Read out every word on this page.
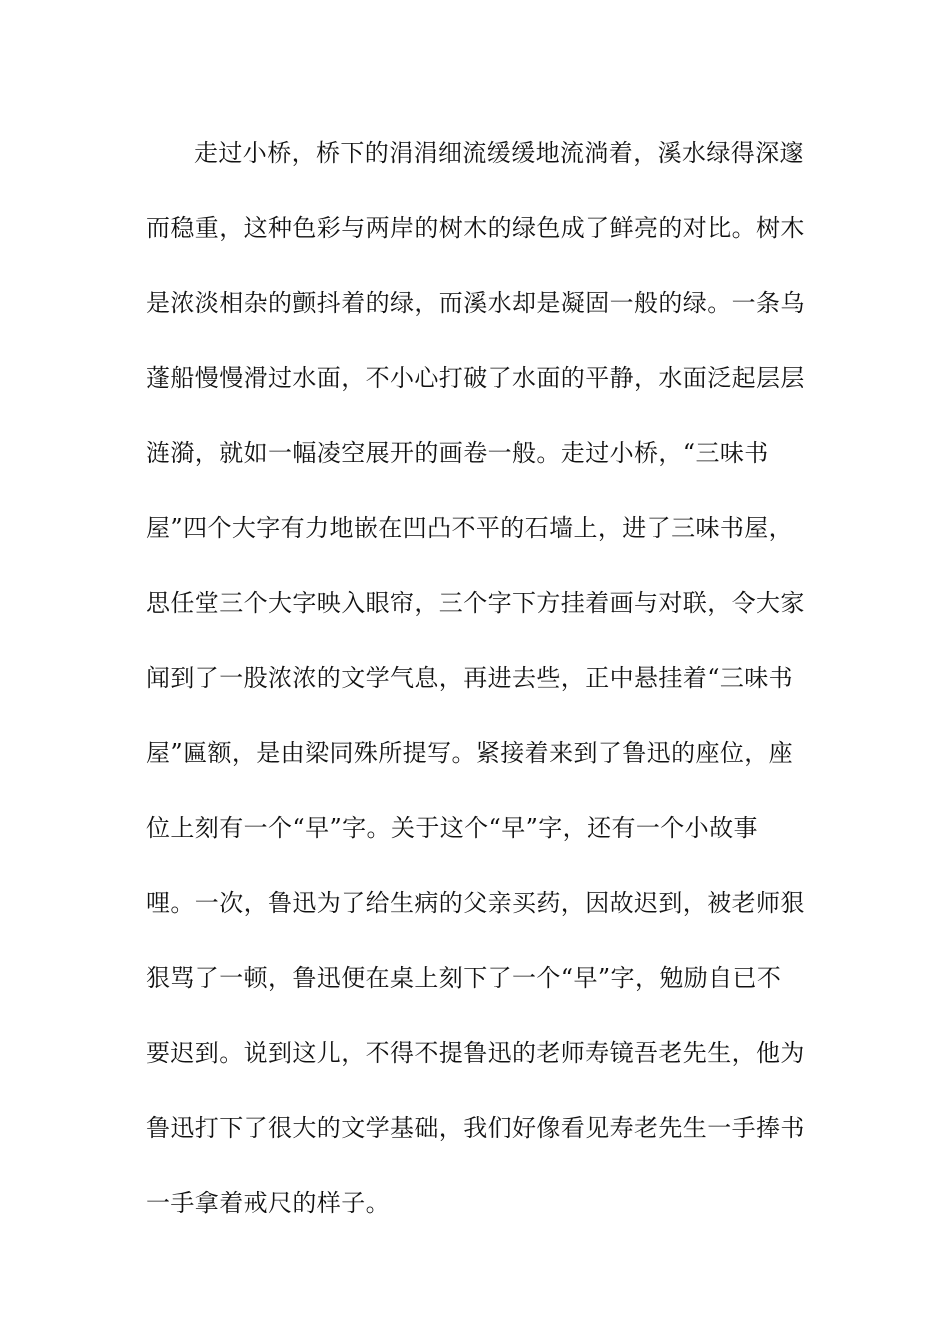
走过小桥，桥下的涓涓细流缓缓地流淌着，溪水绿得深邃
而稳重，这种色彩与两岸的树木的绿色成了鲜亮的对比。树木
是浓淡相杂的颤抖着的绿，而溪水却是凝固一般的绿。一条乌
蓬船慢慢滑过水面，不小心打破了水面的平静，水面泛起层层
涟漪，就如一幅凌空展开的画卷一般。走过小桥，“三味书
屋”四个大字有力地嵌在凹凸不平的石墙上，进了三味书屋，
思任堂三个大字映入眼帘，三个字下方挂着画与对联，令大家
闻到了一股浓浓的文学气息，再进去些，正中悬挂着“三味书
屋”匾额，是由梁同殊所提写。紧接着来到了鲁迅的座位，座
位上刻有一个“早”字。关于这个“早”字，还有一个小故事
哩。一次，鲁迅为了给生病的父亲买药，因故迟到，被老师狠
狠骂了一顿，鲁迅便在桌上刻下了一个“早”字，勉励自已不
要迟到。说到这儿，不得不提鲁迅的老师寿镜吾老先生，他为
鲁迅打下了很大的文学基础，我们好像看见寿老先生一手捧书
一手拿着戒尺的样子。
